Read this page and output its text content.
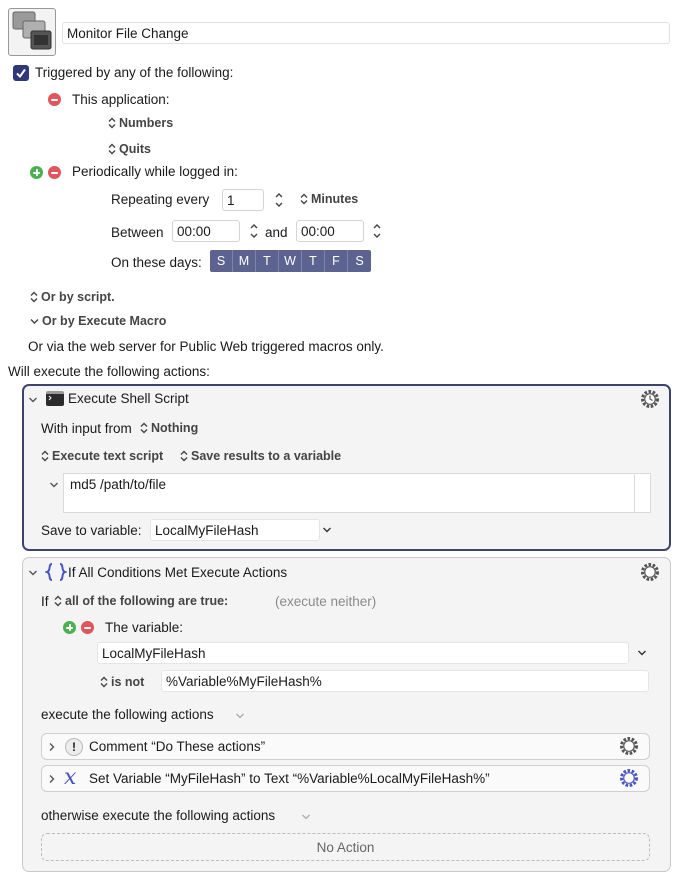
Monitor File Change
Triggered by any of the following:
This application:
Numbers
Quits
Periodically while logged in:
Repeating every	1	Minutes
Between 00:00	and 00:00
On these days:	S	M	T	W	T	F	S
Or by script.
Or by Execute Macro
Or via the web server for Public Web triggered macros only.
Will execute the following actions:
Execute Shell Script
With input from Nothing
Execute text script Save results to a variable
md5 /path/to/file
Save to variable: LocalMyFileHash
If All Conditions Met Execute Actions
If all of the following are true:	(execute neither)
The variable:
LocalMyFileHash
is not	%Variable%MyFileHash%
execute the following actions
! Comment “Do These actions”
𝑥 Set Variable “MyFileHash” to Text “%Variable%LocalMyFileHash%”
otherwise execute the following actions
No Action
